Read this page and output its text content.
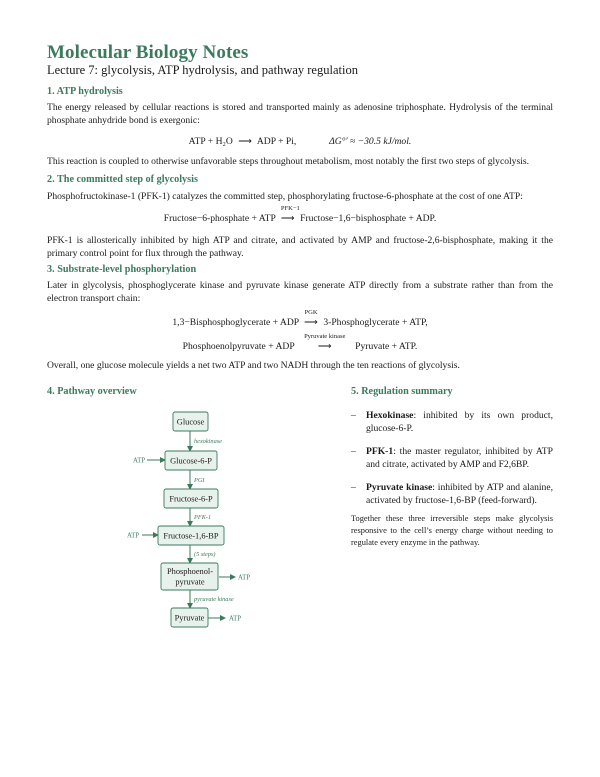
Molecular Biology Notes
Lecture 7: glycolysis, ATP hydrolysis, and pathway regulation
1. ATP hydrolysis
The energy released by cellular reactions is stored and transported mainly as adenosine triphosphate. Hydrolysis of the terminal phosphate anhydride bond is exergonic:
ATP + H₂O ⟶ ADP + Pi,	ΔG°′ ≈ −30.5 kJ/mol.
This reaction is coupled to otherwise unfavorable steps throughout metabolism, most notably the first two steps of glycolysis.
2. The committed step of glycolysis
Phosphofructokinase-1 (PFK-1) catalyzes the committed step, phosphorylating fructose-6-phosphate at the cost of one ATP:
Fructose−6-phosphate + ATP ⟶
PFK−1
Fructose−1,6−bisphosphate + ADP.
PFK-1 is allosterically inhibited by high ATP and citrate, and activated by AMP and fructose-2,6-bisphosphate, making it the primary control point for flux through the pathway.
3. Substrate-level phosphorylation
Later in glycolysis, phosphoglycerate kinase and pyruvate kinase generate ATP directly from a substrate rather than from the electron transport chain:
1,3−Bisphosphoglycerate + ADP ⟶
PGK
3-Phosphoglycerate + ATP,
Phosphoenolpyruvate + ADP ⟶
Pyruvate kinase
Pyruvate + ATP.
Overall, one glucose molecule yields a net two ATP and two NADH through the ten reactions of glycolysis.
4. Pathway overview
Glucose
Glucose-6-P
Fructose-6-P
Fructose-1,6-BP
Phosphoenol-
pyruvate
Pyruvate
hexokinase
PGI
PFK-1
(5 steps)
pyruvate kinase
ATP
ATP
ATP
ATP
5. Regulation summary
– Hexokinase: inhibited by its own product, glucose-6-P.
– PFK-1: the master regulator, inhibited by ATP and citrate, activated by AMP and F2,6BP.
– Pyruvate kinase: inhibited by ATP and alanine, activated by fructose-1,6-BP (feed-forward).
Together these three irreversible steps make glycolysis responsive to the cell’s energy charge without needing to regulate every enzyme in the pathway.
